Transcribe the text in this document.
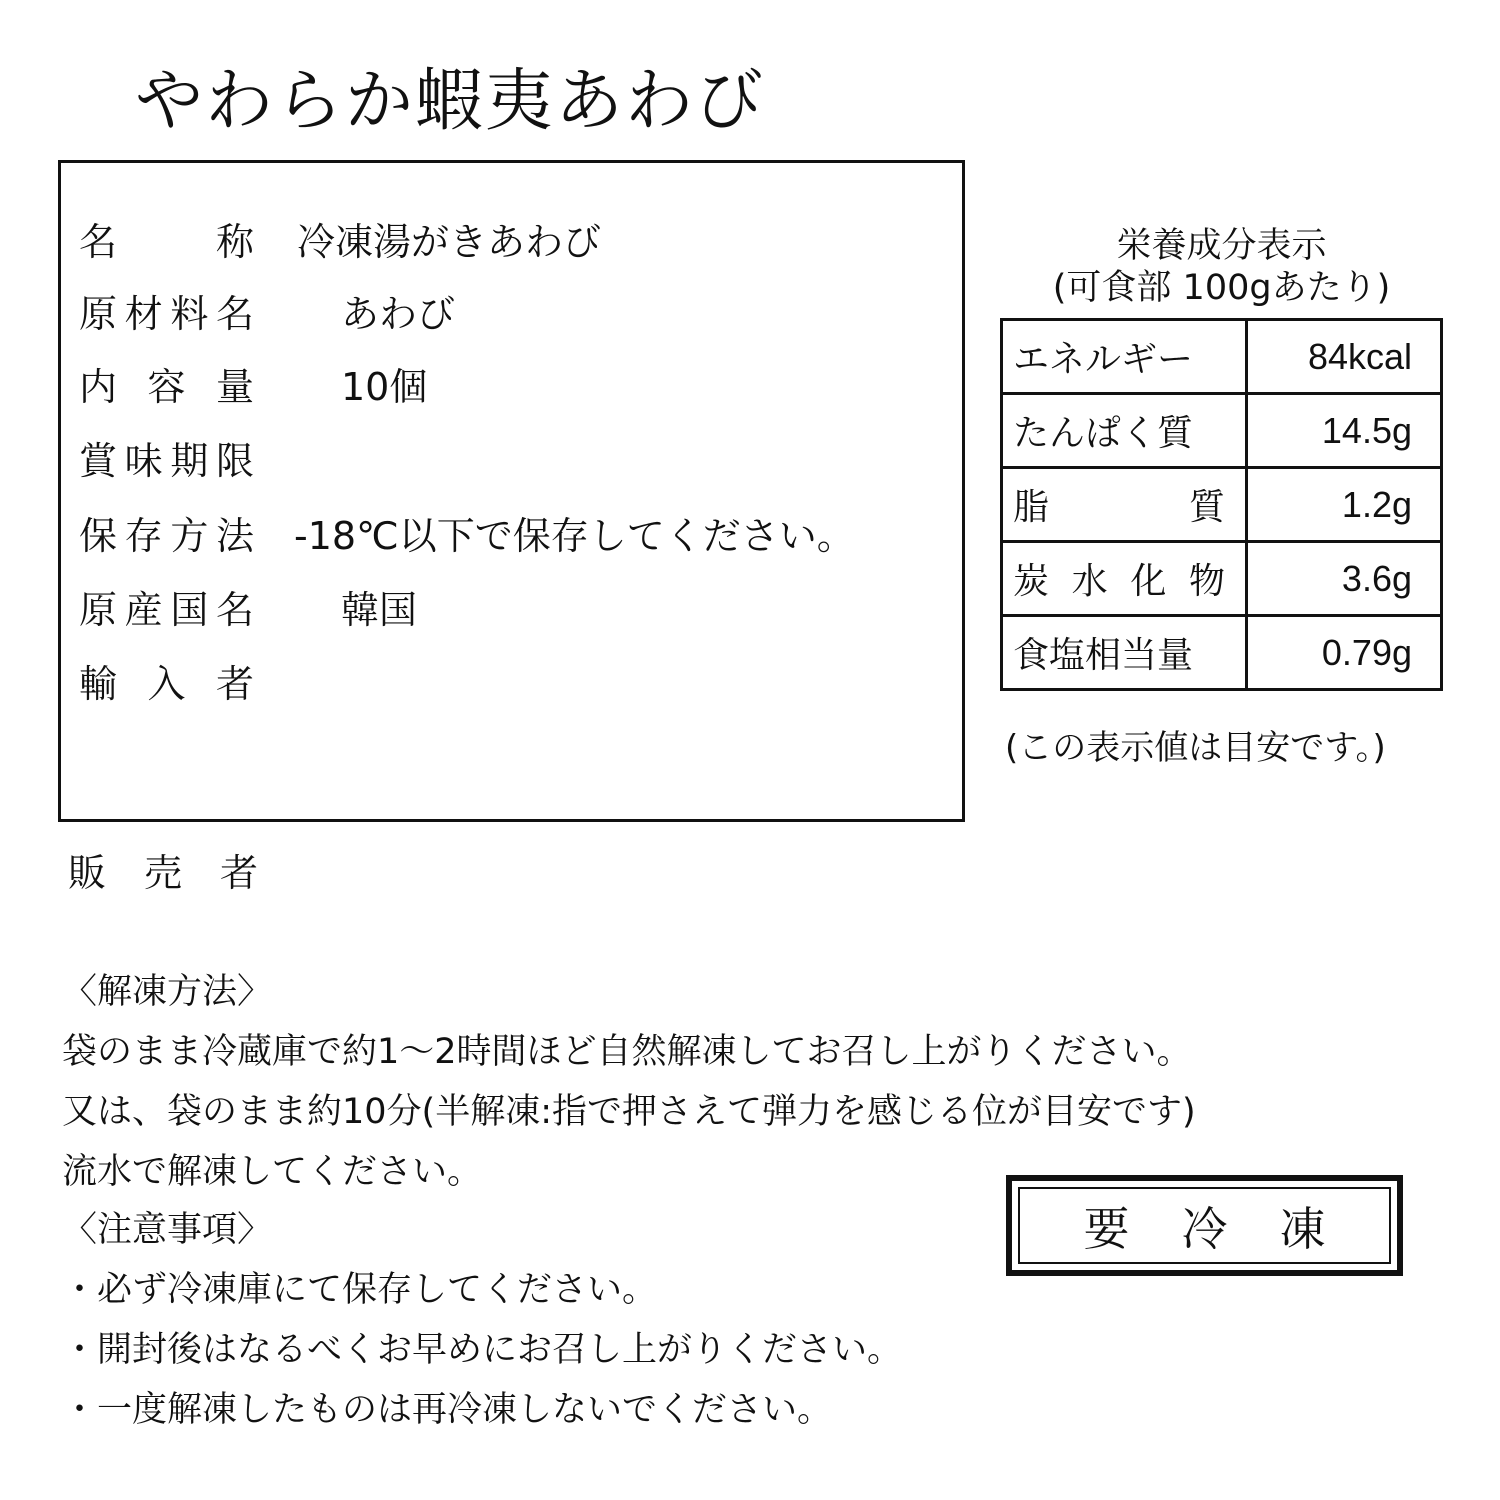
やわらか蝦夷あわび
名	称 冷凍湯がきあわび
原 材 料 名 あわび
内 容 量 10個
賞 味 期 限
保 存 方 法 -18℃以下で保存してください。
原 産 国 名 韓国
輸 入 者
栄養成分表示
(可食部 100gあたり)
エネルギー	84kcal

たんぱく質	14.5g

脂 質	1.2g

炭 水 化 物	3.6g

食塩相当量	0.79g
(この表示値は目安です。)
販 売 者
〈解凍方法〉
袋のまま冷蔵庫で約1〜2時間ほど自然解凍してお召し上がりください。
又は、袋のまま約10分(半解凍:指で押さえて弾力を感じる位が目安です)
流水で解凍してください。
〈注意事項〉
・必ず冷凍庫にて保存してください。
・開封後はなるべくお早めにお召し上がりください。
・一度解凍したものは再冷凍しないでください。
要冷凍
